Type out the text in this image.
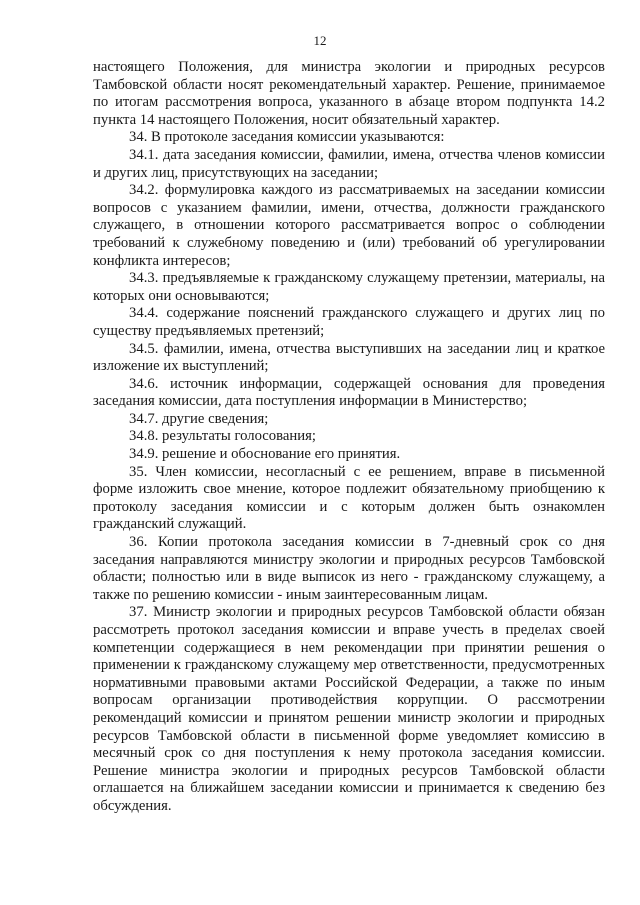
12

настоящего Положения, для министра экологии и природных ресурсов Тамбовской области носят рекомендательный характер. Решение, принимаемое по итогам рассмотрения вопроса, указанного в абзаце втором подпункта 14.2 пункта 14 настоящего Положения, носит обязательный характер.

34. В протоколе заседания комиссии указываются:

34.1. дата заседания комиссии, фамилии, имена, отчества членов комиссии и других лиц, присутствующих на заседании;

34.2. формулировка каждого из рассматриваемых на заседании комиссии вопросов с указанием фамилии, имени, отчества, должности гражданского служащего, в отношении которого рассматривается вопрос о соблюдении требований к служебному поведению и (или) требований об урегулировании конфликта интересов;

34.3. предъявляемые к гражданскому служащему претензии, материалы, на которых они основываются;

34.4. содержание пояснений гражданского служащего и других лиц по существу предъявляемых претензий;

34.5. фамилии, имена, отчества выступивших на заседании лиц и краткое изложение их выступлений;

34.6. источник информации, содержащей основания для проведения заседания комиссии, дата поступления информации в Министерство;

34.7. другие сведения;

34.8. результаты голосования;

34.9. решение и обоснование его принятия.

35. Член комиссии, несогласный с ее решением, вправе в письменной форме изложить свое мнение, которое подлежит обязательному приобщению к протоколу заседания комиссии и с которым должен быть ознакомлен гражданский служащий.

36. Копии протокола заседания комиссии в 7-дневный срок со дня заседания направляются министру экологии и природных ресурсов Тамбовской области; полностью или в виде выписок из него - гражданскому служащему, а также по решению комиссии - иным заинтересованным лицам.

37. Министр экологии и природных ресурсов Тамбовской области обязан рассмотреть протокол заседания комиссии и вправе учесть в пределах своей компетенции содержащиеся в нем рекомендации при принятии решения о применении к гражданскому служащему мер ответственности, предусмотренных нормативными правовыми актами Российской Федерации, а также по иным вопросам организации противодействия коррупции. О рассмотрении рекомендаций комиссии и принятом решении министр экологии и природных ресурсов Тамбовской области в письменной форме уведомляет комиссию в месячный срок со дня поступления к нему протокола заседания комиссии. Решение министра экологии и природных ресурсов Тамбовской области оглашается на ближайшем заседании комиссии и принимается к сведению без обсуждения.
